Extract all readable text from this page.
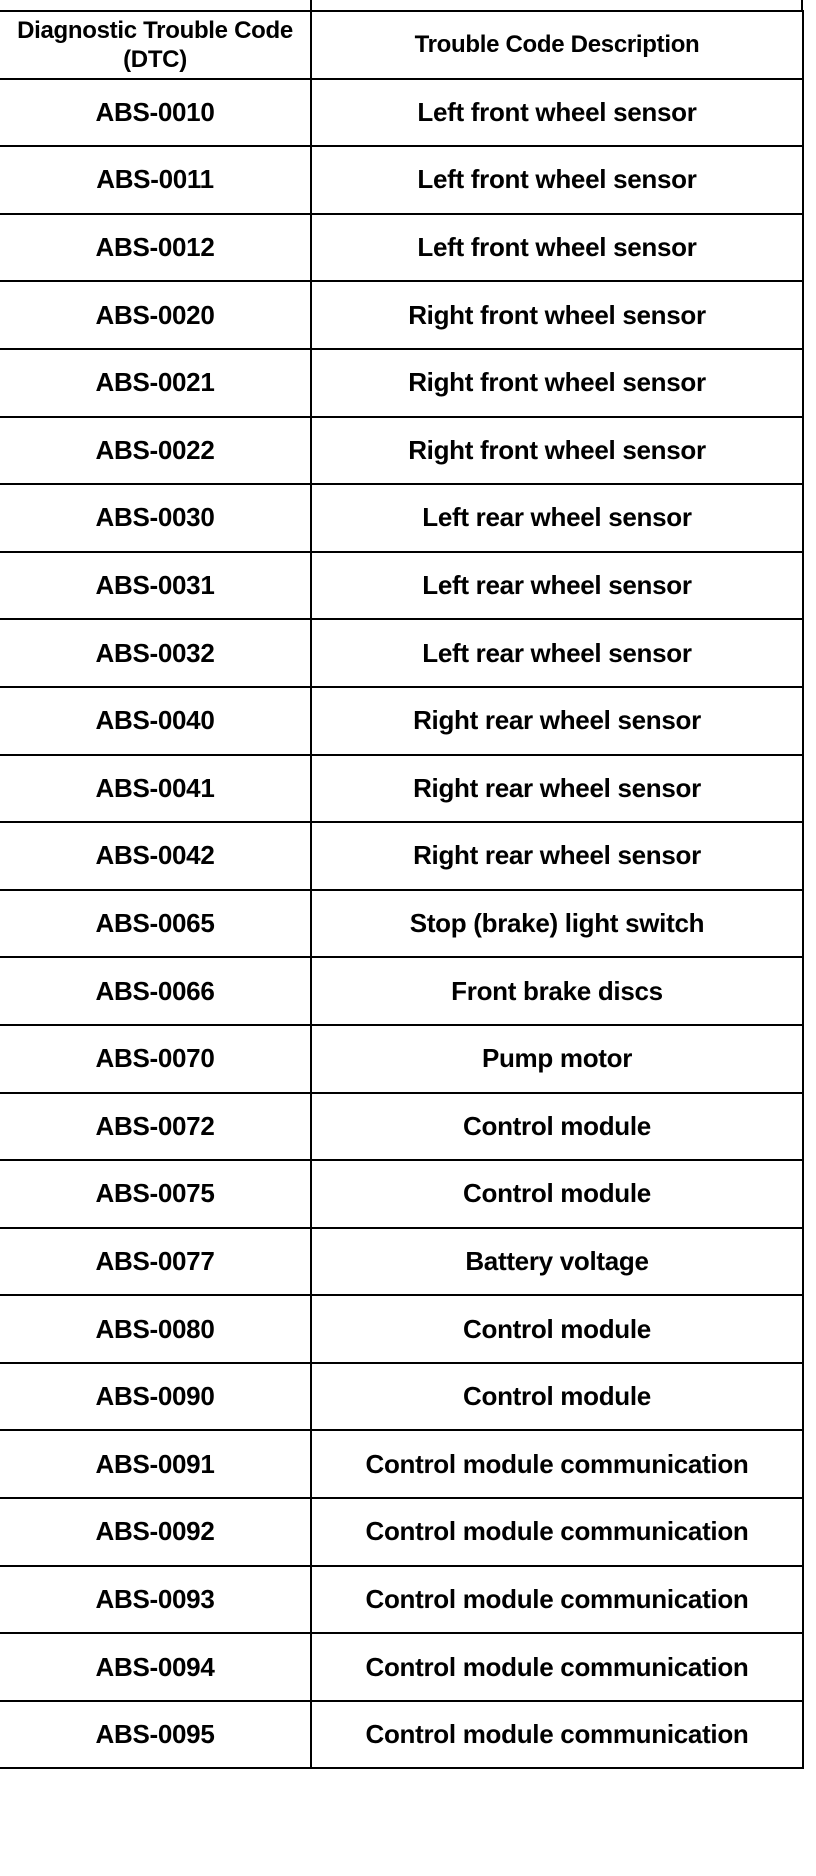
Diagnostic Trouble Code (DTC)	Trouble Code Description
ABS-0010	Left front wheel sensor
ABS-0011	Left front wheel sensor
ABS-0012	Left front wheel sensor
ABS-0020	Right front wheel sensor
ABS-0021	Right front wheel sensor
ABS-0022	Right front wheel sensor
ABS-0030	Left rear wheel sensor
ABS-0031	Left rear wheel sensor
ABS-0032	Left rear wheel sensor
ABS-0040	Right rear wheel sensor
ABS-0041	Right rear wheel sensor
ABS-0042	Right rear wheel sensor
ABS-0065	Stop (brake) light switch
ABS-0066	Front brake discs
ABS-0070	Pump motor
ABS-0072	Control module
ABS-0075	Control module
ABS-0077	Battery voltage
ABS-0080	Control module
ABS-0090	Control module
ABS-0091	Control module communication
ABS-0092	Control module communication
ABS-0093	Control module communication
ABS-0094	Control module communication
ABS-0095	Control module communication
